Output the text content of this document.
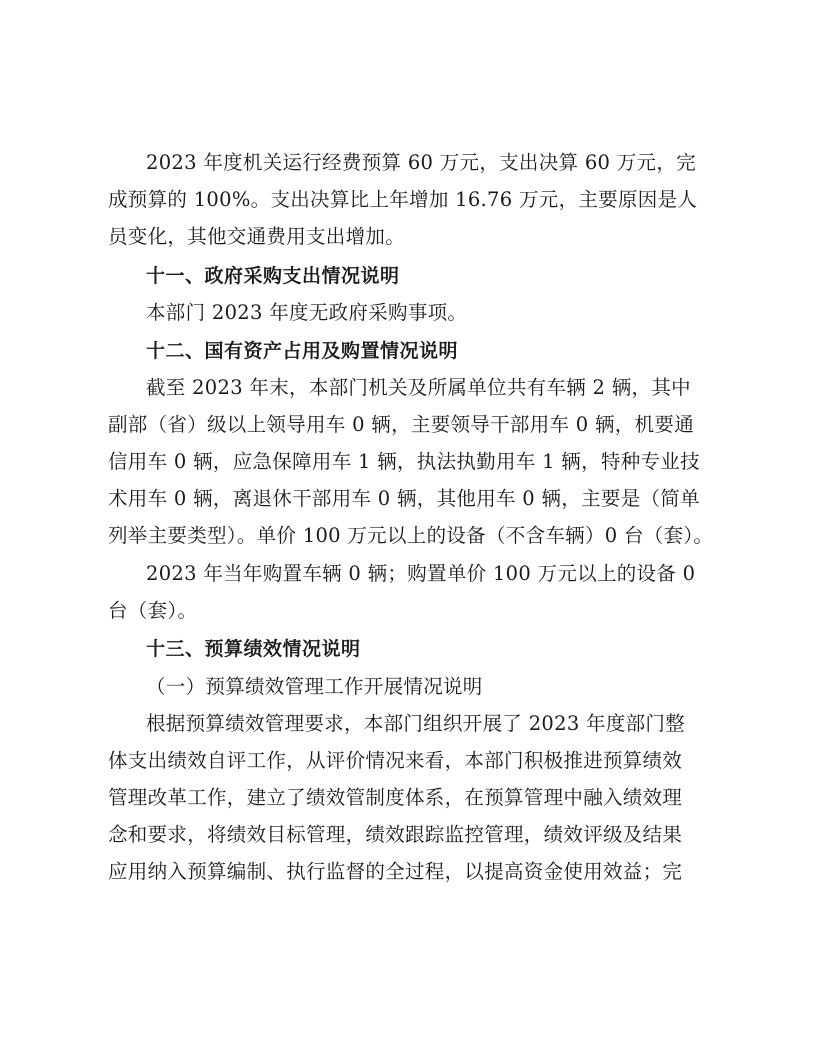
2023 年度机关运行经费预算 60 万元，支出决算 60 万元，完
成预算的 100%。支出决算比上年增加 16.76 万元，主要原因是人
员变化，其他交通费用支出增加。
十一、政府采购支出情况说明
本部门 2023 年度无政府采购事项。
十二、国有资产占用及购置情况说明
截至 2023 年末，本部门机关及所属单位共有车辆 2 辆，其中
副部（省）级以上领导用车 0 辆，主要领导干部用车 0 辆，机要通
信用车 0 辆，应急保障用车 1 辆，执法执勤用车 1 辆，特种专业技
术用车 0 辆，离退休干部用车 0 辆，其他用车 0 辆，主要是（简单
列举主要类型）。单价 100 万元以上的设备（不含车辆）0 台（套）。
2023 年当年购置车辆 0 辆；购置单价 100 万元以上的设备 0
台（套）。
十三、预算绩效情况说明
（一）预算绩效管理工作开展情况说明
根据预算绩效管理要求，本部门组织开展了 2023 年度部门整
体支出绩效自评工作，从评价情况来看，本部门积极推进预算绩效
管理改革工作，建立了绩效管制度体系，在预算管理中融入绩效理
念和要求，将绩效目标管理，绩效跟踪监控管理，绩效评级及结果
应用纳入预算编制、执行监督的全过程，以提高资金使用效益；完
